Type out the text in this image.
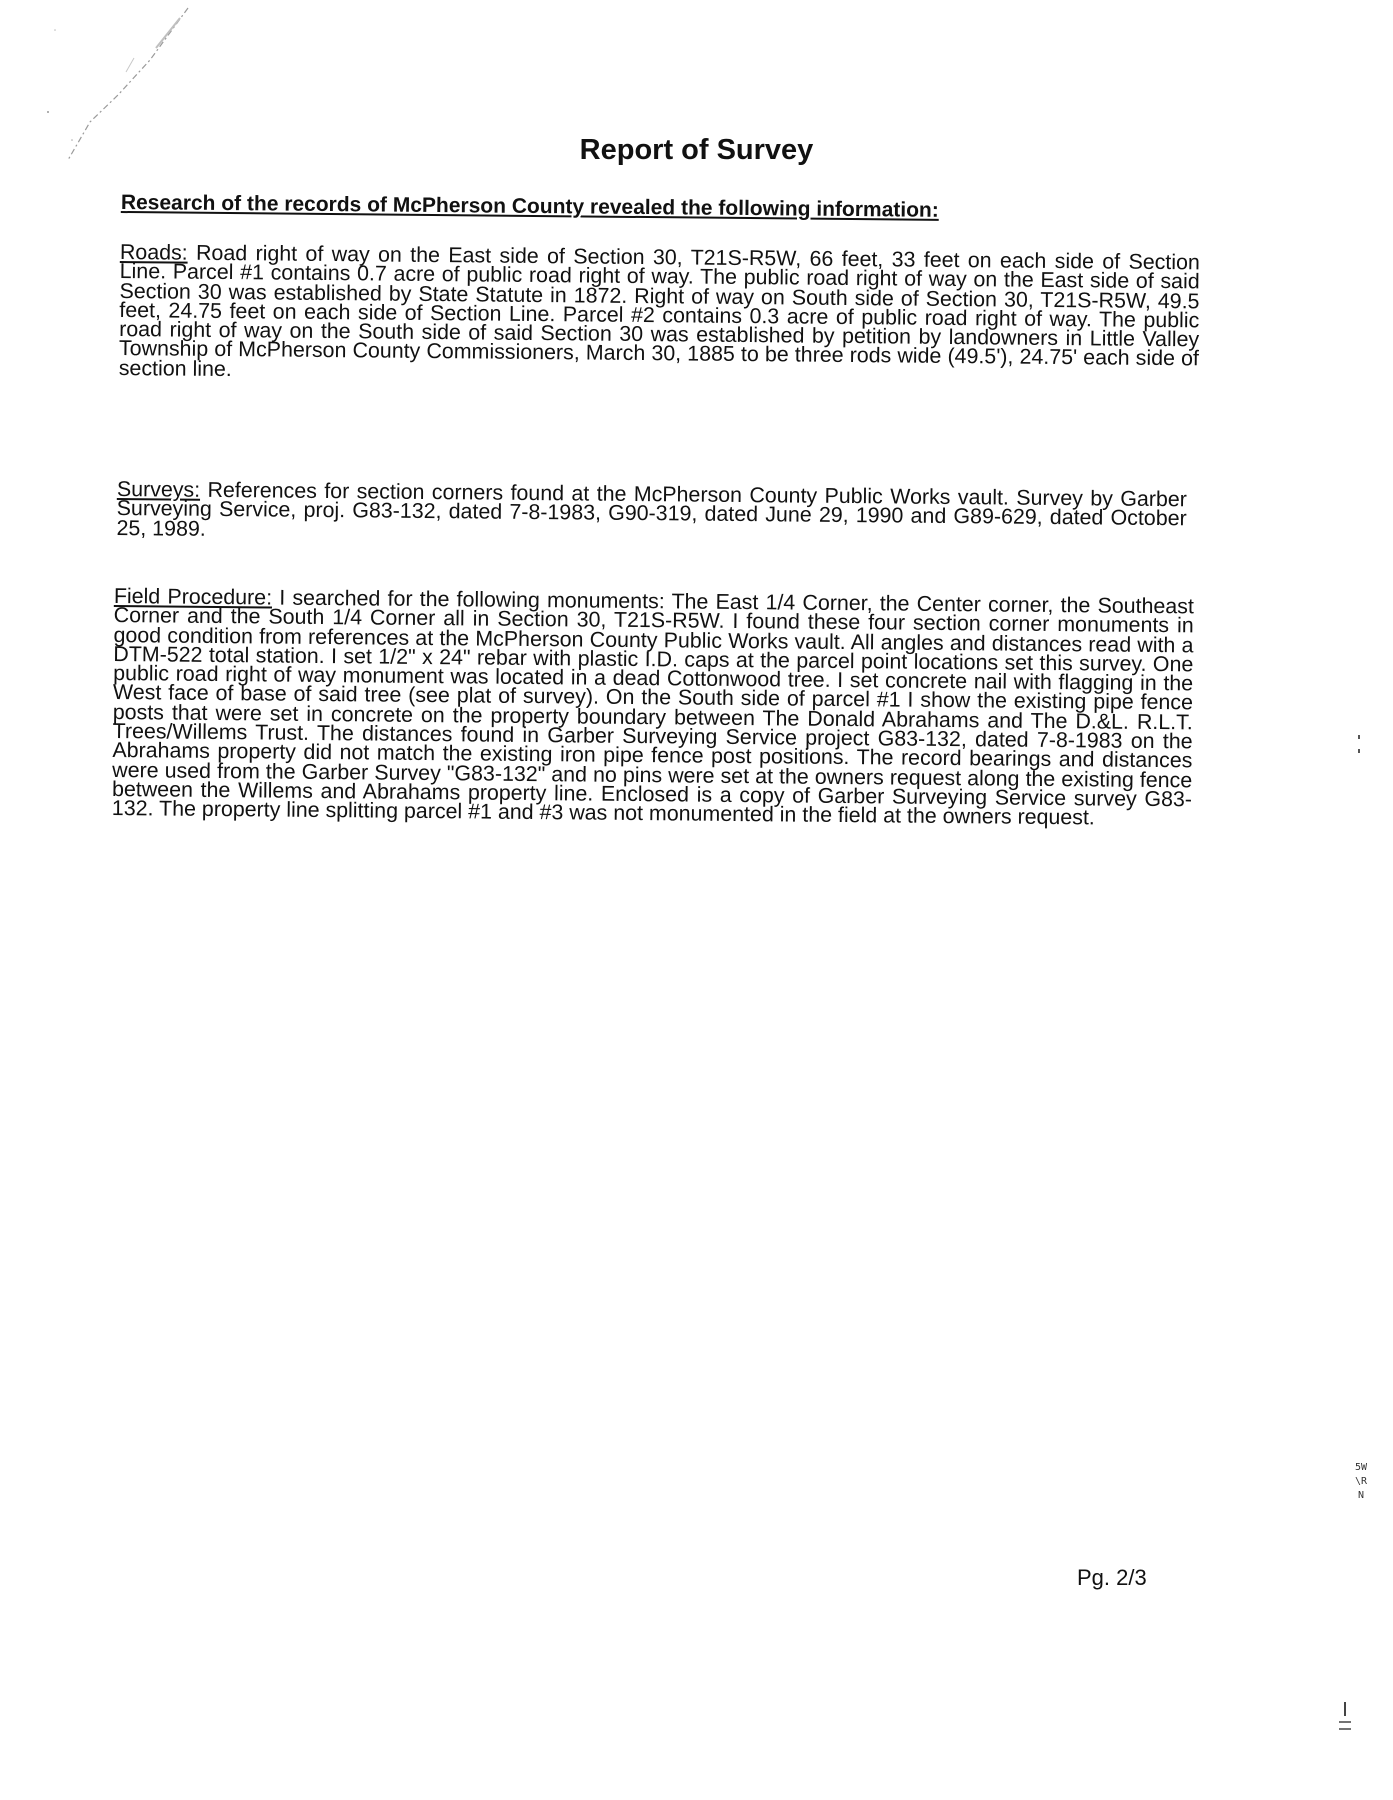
Report of Survey
Research of the records of McPherson County revealed the following information:

Roads: Road right of way on the East side of Section 30, T21S-R5W, 66 feet, 33 feet on each side of Section Line. Parcel #1 contains 0.7 acre of public road right of way. The public road right of way on the East side of said Section 30 was established by State Statute in 1872. Right of way on South side of Section 30, T21S-R5W, 49.5 feet, 24.75 feet on each side of Section Line. Parcel #2 contains 0.3 acre of public road right of way. The public road right of way on the South side of said Section 30 was established by petition by landowners in Little Valley Township of McPherson County Commissioners, March 30, 1885 to be three rods wide (49.5'), 24.75' each side of section line.

Surveys: References for section corners found at the McPherson County Public Works vault. Survey by Garber Surveying Service, proj. G83-132, dated 7-8-1983, G90-319, dated June 29, 1990 and G89-629, dated October 25, 1989.

Field Procedure: I searched for the following monuments: The East 1/4 Corner, the Center corner, the Southeast Corner and the South 1/4 Corner all in Section 30, T21S-R5W. I found these four section corner monuments in good condition from references at the McPherson County Public Works vault. All angles and distances read with a DTM-522 total station. I set 1/2" x 24" rebar with plastic I.D. caps at the parcel point locations set this survey. One public road right of way monument was located in a dead Cottonwood tree. I set concrete nail with flagging in the West face of base of said tree (see plat of survey). On the South side of parcel #1 I show the existing pipe fence posts that were set in concrete on the property boundary between The Donald Abrahams and The D.&L. R.L.T. Trees/Willems Trust. The distances found in Garber Surveying Service project G83-132, dated 7-8-1983 on the Abrahams property did not match the existing iron pipe fence post positions. The record bearings and distances were used from the Garber Survey "G83-132" and no pins were set at the owners request along the existing fence between the Willems and Abrahams property line. Enclosed is a copy of Garber Surveying Service survey G83-132. The property line splitting parcel #1 and #3 was not monumented in the field at the owners request.

5W
\R
N

Pg. 2/3
